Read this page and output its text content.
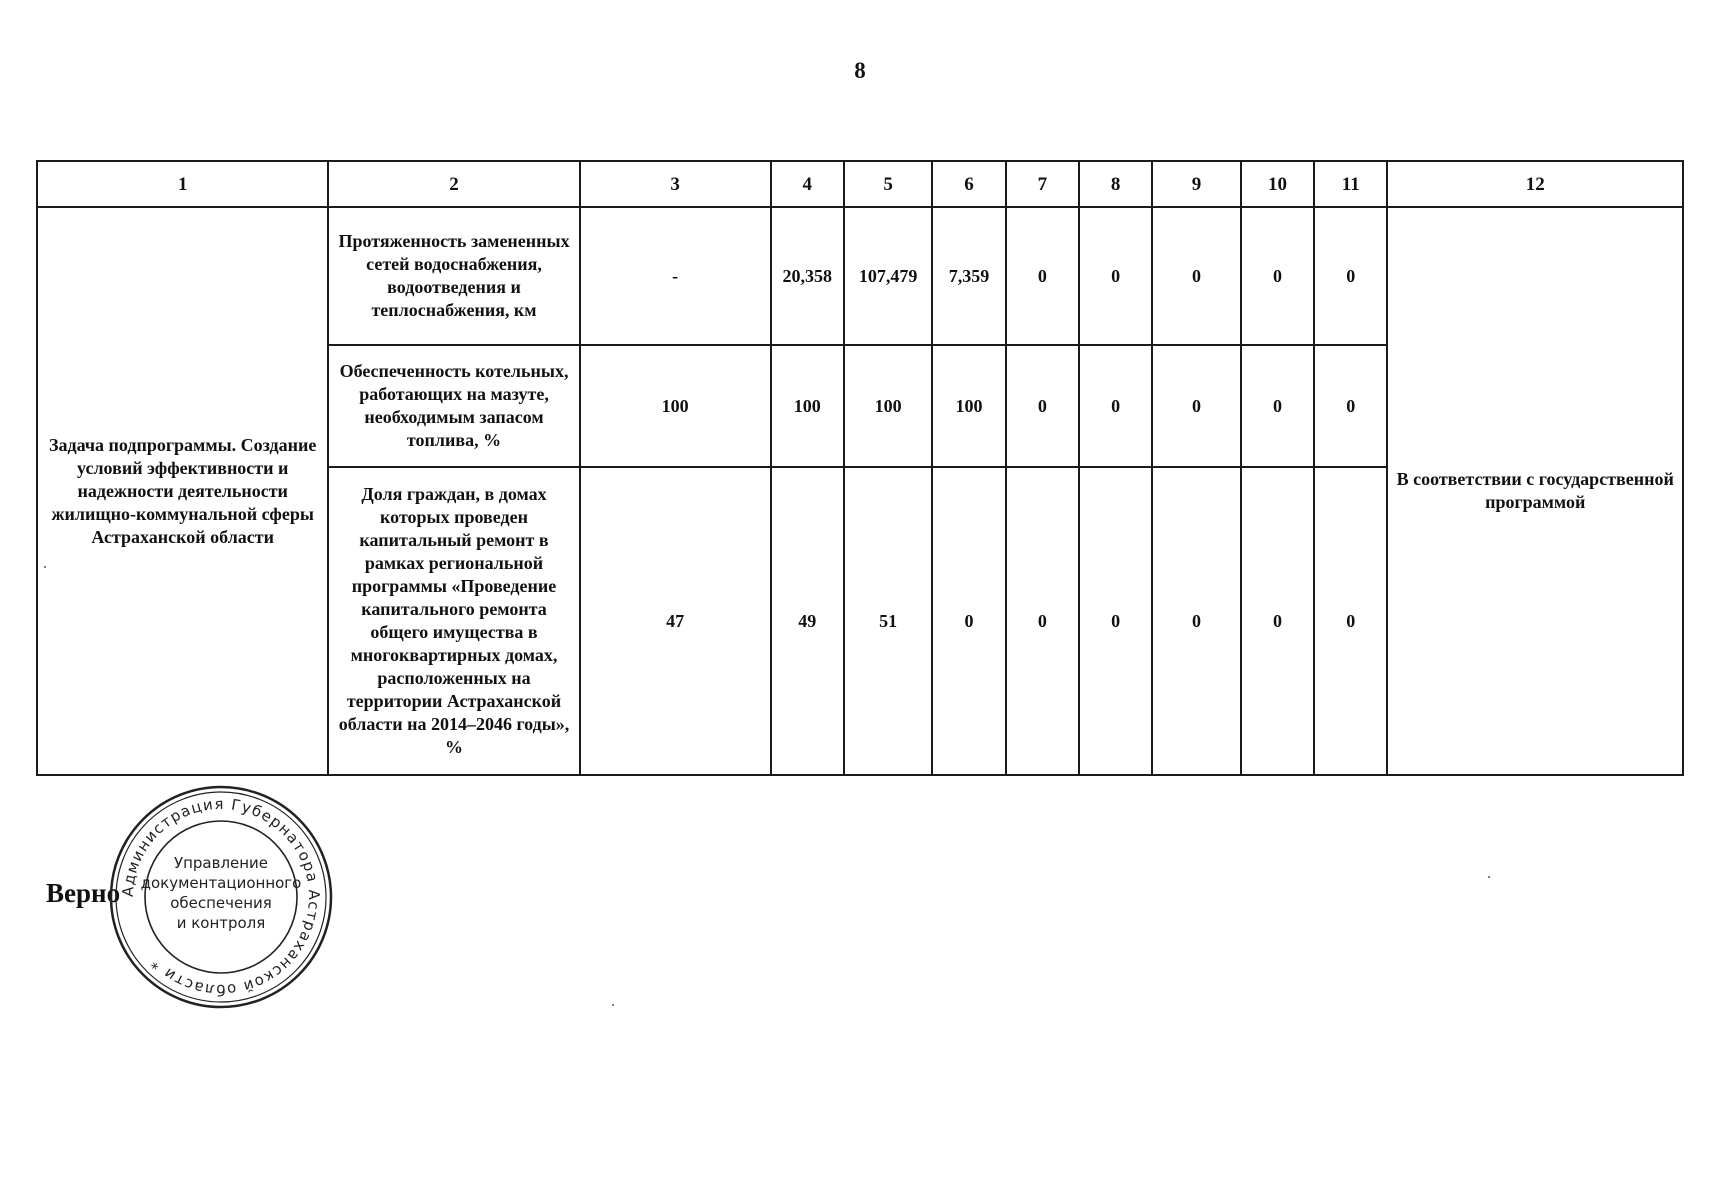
8
1	2	3	4	5	6	7	8	9	10	11	12
Задача подпрограммы. Создание условий эффективности и надежности деятельности жилищно-коммунальной сферы Астраханской области	Протяженность замененных сетей водоснабжения, водоотведения и теплоснабжения, км	-	20,358	107,479	7,359	0	0	0	0	0	В соответствии с государственной программой
	Обеспеченность котельных, работающих на мазуте, необходимым запасом топлива, %	100	100	100	100	0	0	0	0	0	
	Доля граждан, в домах которых проведен капитальный ремонт в рамках региональной программы «Проведение капитального ремонта общего имущества в многоквартирных домах, расположенных на территории Астраханской области на 2014–2046 годы», %	47	49	51	0	0	0	0	0	0	
Верно
Администрация Губернатора Астраханской области *
Управление
документационного
обеспечения
и контроля
